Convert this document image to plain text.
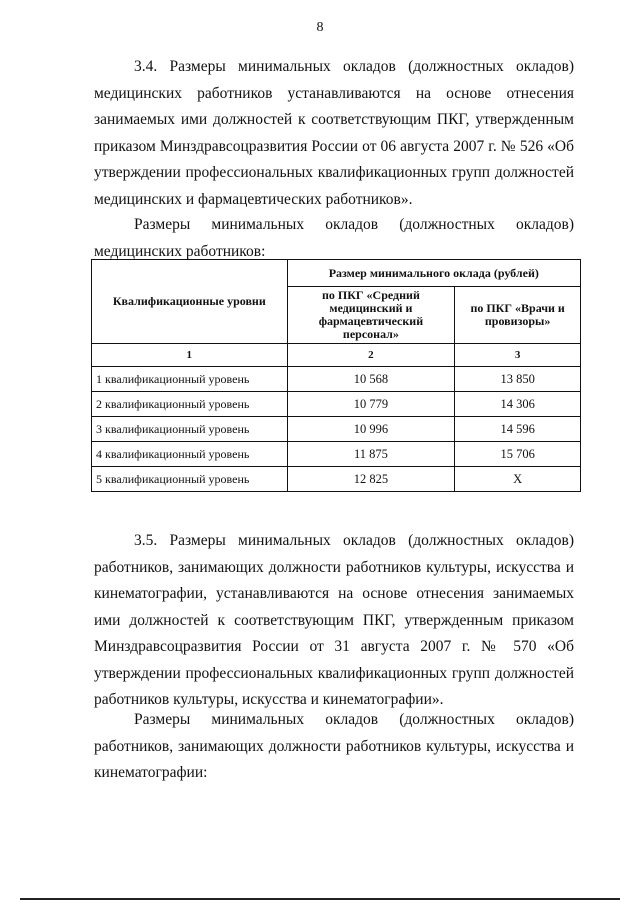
8

3.4. Размеры минимальных окладов (должностных окладов) медицинских работников устанавливаются на основе отнесения занимаемых ими должностей к соответствующим ПКГ, утвержденным приказом Минздравсоцразвития России от 06 августа 2007 г. № 526 «Об утверждении профессиональных квалификационных групп должностей медицинских и фармацевтических работников».

Размеры минимальных окладов (должностных окладов) медицинских работников:

Квалификационные уровни	Размер минимального оклада (рублей)	
	по ПКГ «Средний медицинский и фармацевтический персонал»	по ПКГ «Врачи и провизоры»
1	2	3
1 квалификационный уровень	10 568	13 850
2 квалификационный уровень	10 779	14 306
3 квалификационный уровень	10 996	14 596
4 квалификационный уровень	11 875	15 706
5 квалификационный уровень	12 825	Х

3.5. Размеры минимальных окладов (должностных окладов) работников, занимающих должности работников культуры, искусства и кинематографии, устанавливаются на основе отнесения занимаемых ими должностей к соответствующим ПКГ, утвержденным приказом Минздравсоцразвития России от 31 августа 2007 г. № 570 «Об утверждении профессиональных квалификационных групп должностей работников культуры, искусства и кинематографии».

Размеры минимальных окладов (должностных окладов) работников, занимающих должности работников культуры, искусства и кинематографии:
